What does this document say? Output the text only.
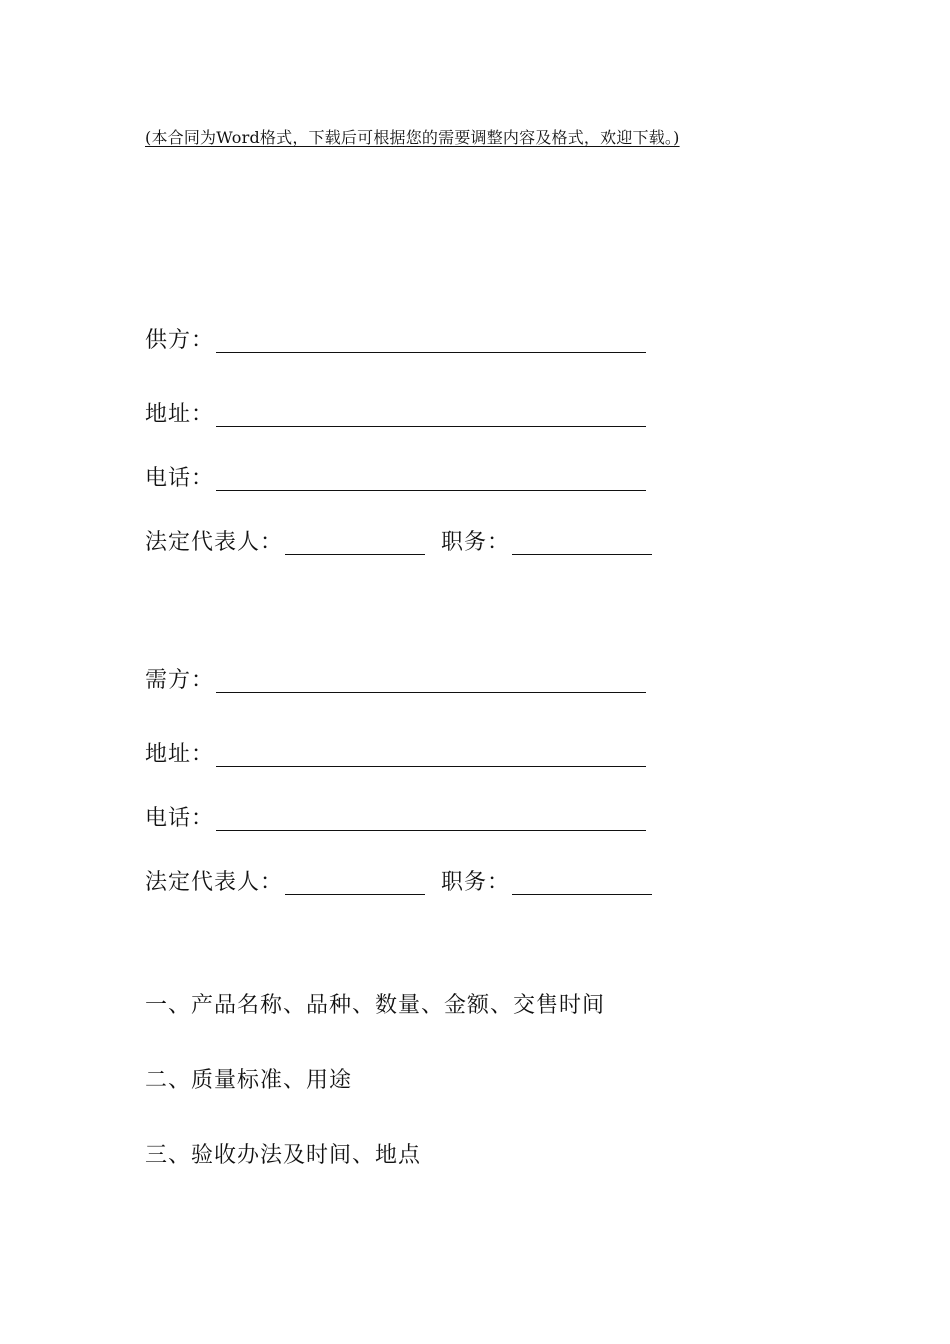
(本合同为Word格式，下载后可根据您的需要调整内容及格式，欢迎下载。)
供方：
地址：
电话：
法定代表人：	职务：
需方：
地址：
电话：
法定代表人：	职务：
一、产品名称、品种、数量、金额、交售时间
二、质量标准、用途
三、验收办法及时间、地点
